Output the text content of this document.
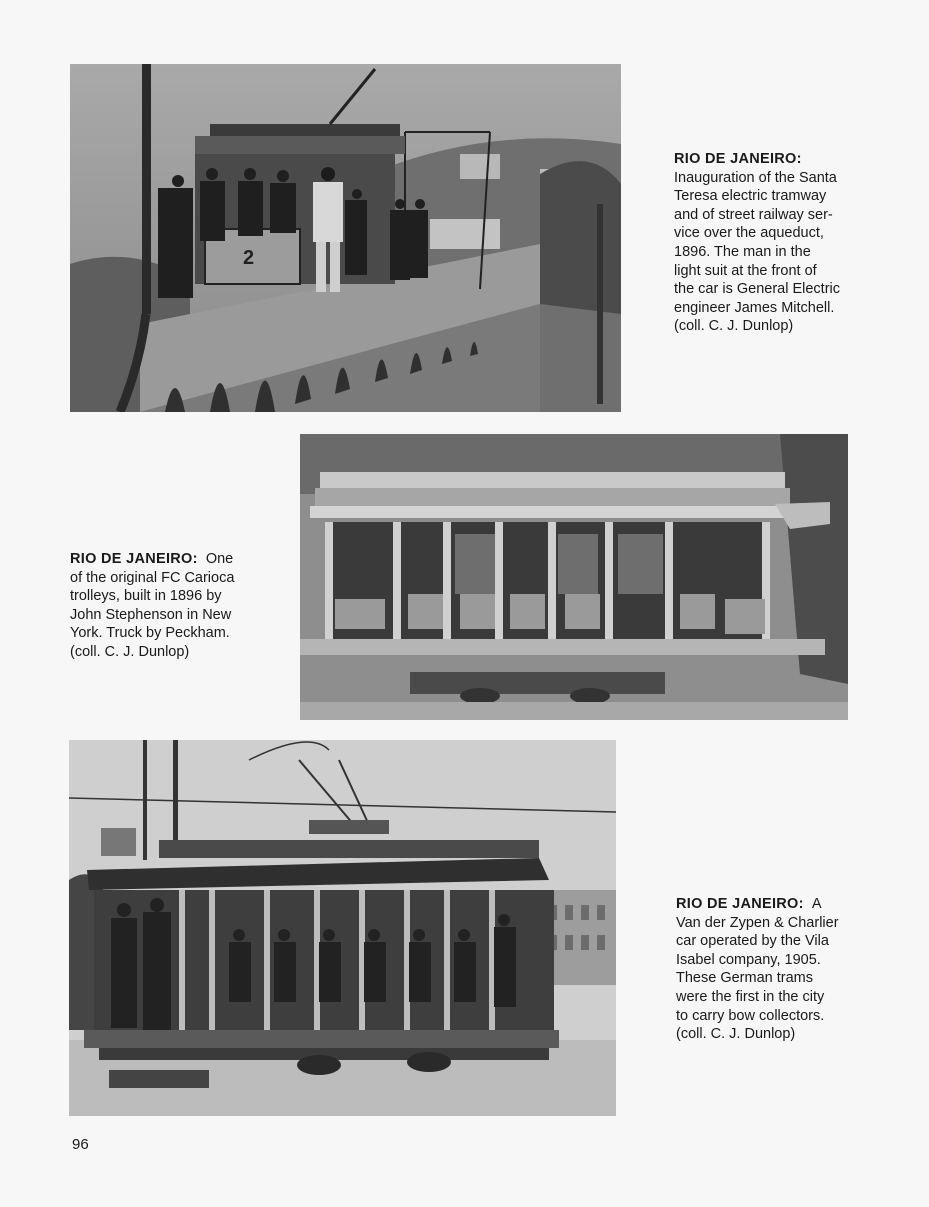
2
RIO DE JANEIRO:
Inauguration of the Santa
Teresa electric tramway
and of street railway ser-
vice over the aqueduct,
1896. The man in the
light suit at the front of
the car is General Electric
engineer James Mitchell.
(coll. C. J. Dunlop)
RIO DE JANEIRO: One
of the original FC Carioca
trolleys, built in 1896 by
John Stephenson in New
York. Truck by Peckham.
(coll. C. J. Dunlop)
RIO DE JANEIRO: A
Van der Zypen & Charlier
car operated by the Vila
Isabel company, 1905.
These German trams
were the first in the city
to carry bow collectors.
(coll. C. J. Dunlop)
96
